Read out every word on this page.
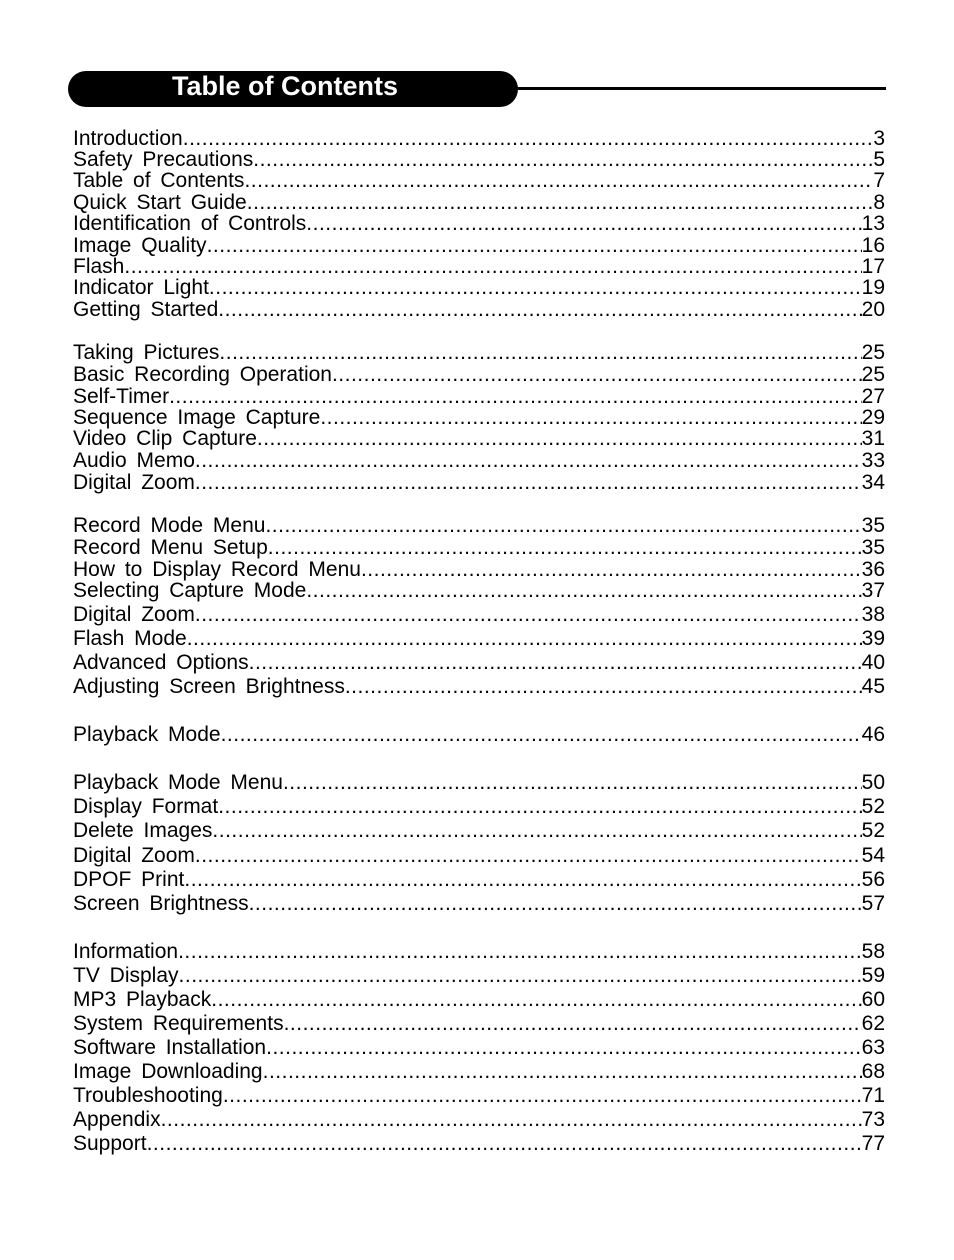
Table of Contents
Introduction .....	3
Safety Precautions .....	5
Table of Contents .....	7
Quick Start Guide .....	8
Identification of Controls .....	13
Image Quality .....	16
Flash .....	17
Indicator Light .....	19
Getting Started .....	20
Taking Pictures .....	25
Basic Recording Operation .....	25
Self-Timer .....	27
Sequence Image Capture .....	29
Video Clip Capture .....	31
Audio Memo .....	33
Digital Zoom .....	34
Record Mode Menu .....	35
Record Menu Setup .....	35
How to Display Record Menu .....	36
Selecting Capture Mode .....	37
Digital Zoom .....	38
Flash Mode .....	39
Advanced Options .....	40
Adjusting Screen Brightness .....	45
Playback Mode .....	46
Playback Mode Menu .....	50
Display Format .....	52
Delete Images .....	52
Digital Zoom .....	54
DPOF Print .....	56
Screen Brightness .....	57
Information .....	58
TV Display .....	59
MP3 Playback .....	60
System Requirements .....	62
Software Installation .....	63
Image Downloading .....	68
Troubleshooting .....	71
Appendix .....	73
Support .....	77
